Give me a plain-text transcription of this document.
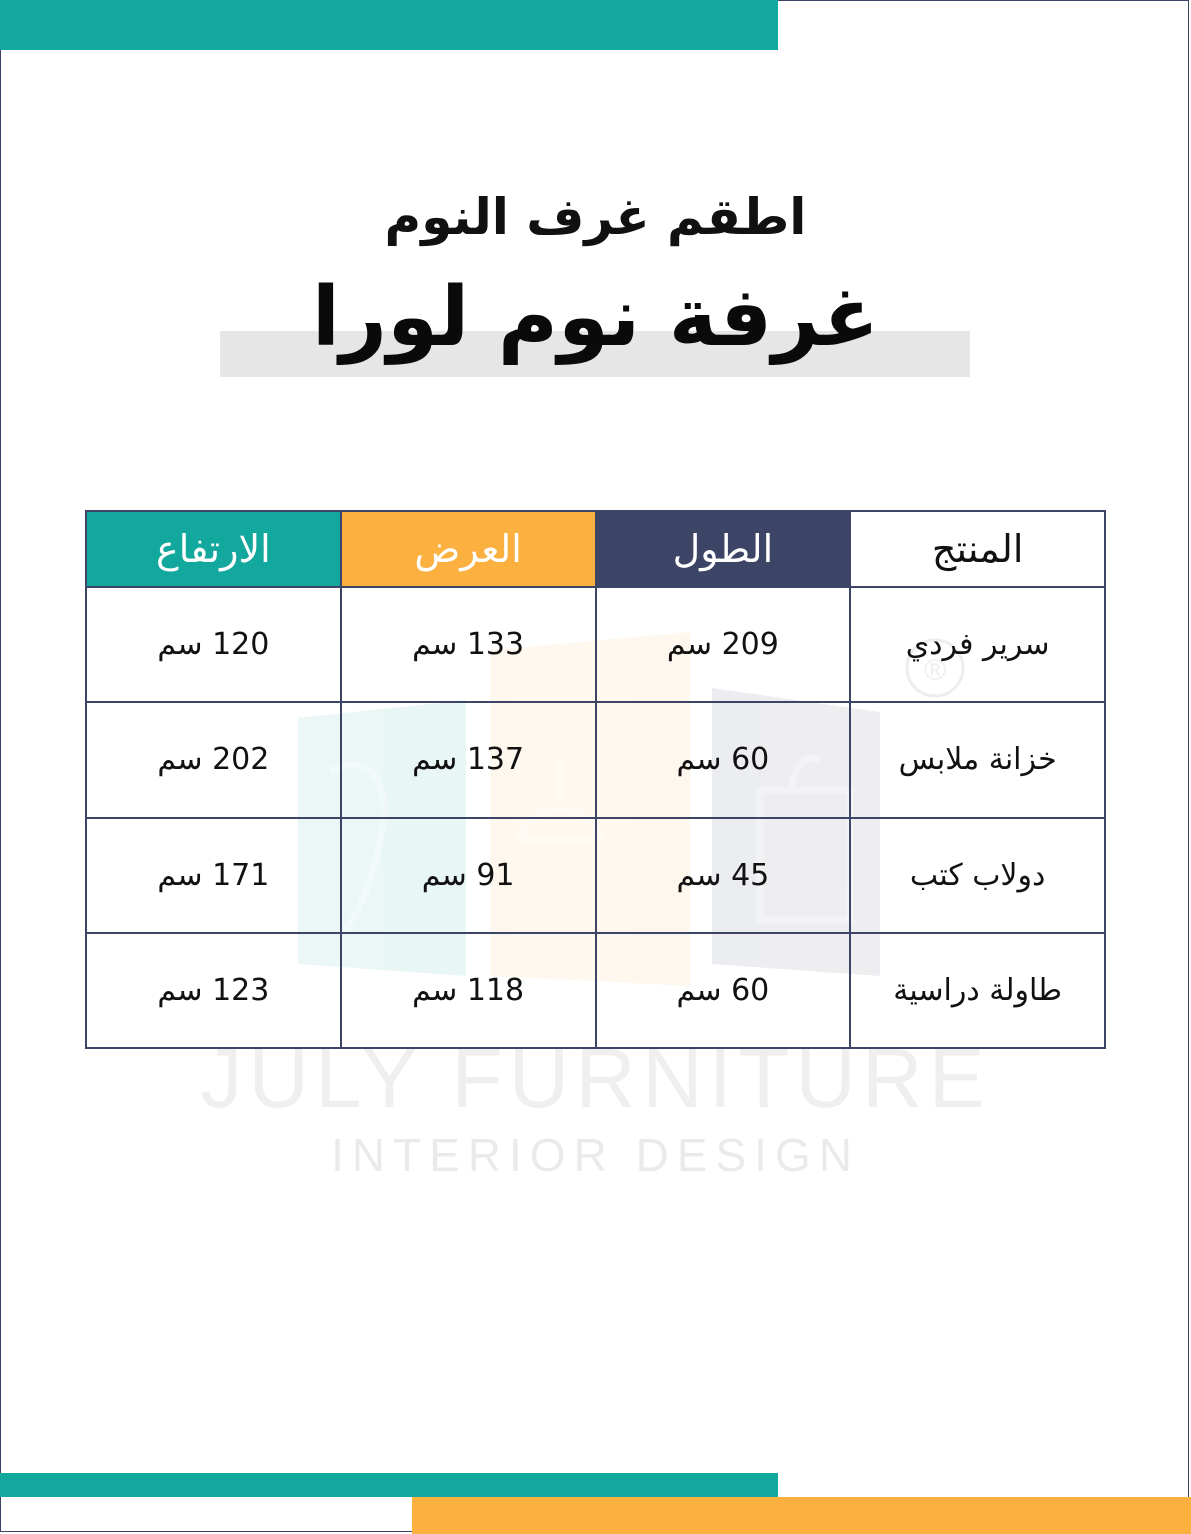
®
JULY FURNITURE
INTERIOR DESIGN
اطقم غرف النوم
غرفة نوم لورا
المنتج	الطول	العرض	الارتفاع
سرير فردي	209 سم	133 سم	120 سم
خزانة ملابس	60 سم	137 سم	202 سم
دولاب كتب	45 سم	91 سم	171 سم
طاولة دراسية	60 سم	118 سم	123 سم
